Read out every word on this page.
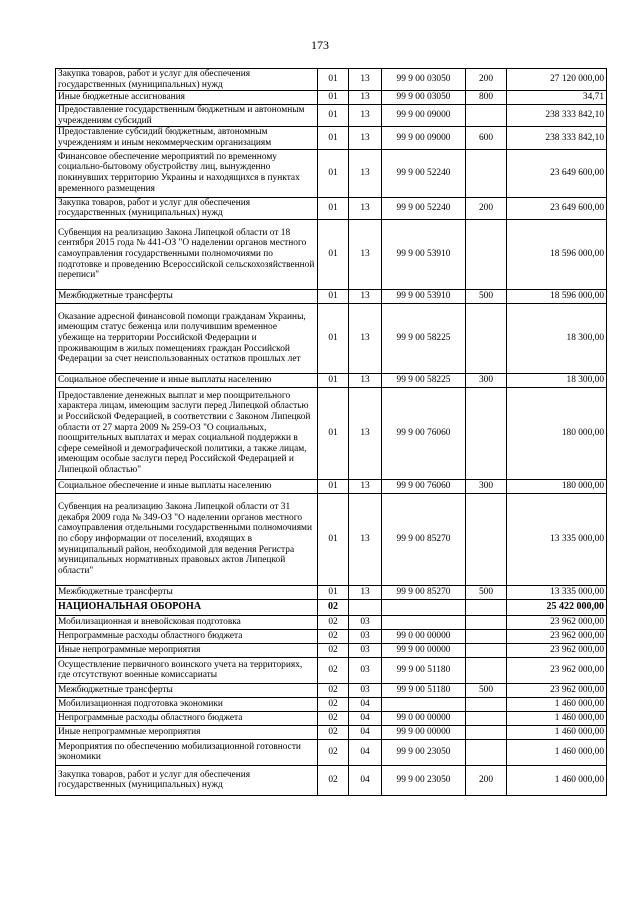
173
Закупка товаров, работ и услуг для обеспечения государственных (муниципальных) нужд	01	13	99 9 00 03050	200	27 120 000,00
Иные бюджетные ассигнования	01	13	99 9 00 03050	800	34,71
Предоставление государственным бюджетным и автономным учреждениям субсидий	01	13	99 9 00 09000		238 333 842,10
Предоставление субсидий бюджетным, автономным учреждениям и иным некоммерческим организациям	01	13	99 9 00 09000	600	238 333 842,10
Финансовое обеспечение мероприятий по временному социально-бытовому обустройству лиц, вынужденно покинувших территорию Украины и находящихся в пунктах временного размещения	01	13	99 9 00 52240		23 649 600,00
Закупка товаров, работ и услуг для обеспечения государственных (муниципальных) нужд	01	13	99 9 00 52240	200	23 649 600,00
Субвенция на реализацию Закона Липецкой области от 18 сентября 2015 года № 441-ОЗ "О наделении органов местного самоуправления государственными полномочиями по подготовке и проведению Всероссийской сельскохозяйственной переписи"	01	13	99 9 00 53910		18 596 000,00
Межбюджетные трансферты	01	13	99 9 00 53910	500	18 596 000,00
Оказание адресной финансовой помощи гражданам Украины, имеющим статус беженца или получившим временное убежище на территории Российской Федерации и проживающим в жилых помещениях граждан Российской Федерации за счет неиспользованных остатков прошлых лет	01	13	99 9 00 58225		18 300,00
Социальное обеспечение и иные выплаты населению	01	13	99 9 00 58225	300	18 300,00
Предоставление денежных выплат и мер поощрительного характера лицам, имеющим заслуги перед Липецкой областью и Российской Федерацией, в соответствии с Законом Липецкой области от 27 марта 2009 № 259-ОЗ "О социальных, поощрительных выплатах и мерах социальной поддержки в сфере семейной и демографической политики, а также лицам, имеющим особые заслуги перед Российской Федерацией и Липецкой областью"	01	13	99 9 00 76060		180 000,00
Социальное обеспечение и иные выплаты населению	01	13	99 9 00 76060	300	180 000,00
Субвенция на реализацию Закона Липецкой области от 31 декабря 2009 года № 349-ОЗ "О наделении органов местного самоуправления отдельными государственными полномочиями по сбору информации от поселений, входящих в муниципальный район, необходимой для ведения Регистра муниципальных нормативных правовых актов Липецкой области"	01	13	99 9 00 85270		13 335 000,00
Межбюджетные трансферты	01	13	99 9 00 85270	500	13 335 000,00
НАЦИОНАЛЬНАЯ ОБОРОНА	02				25 422 000,00
Мобилизационная и вневойсковая подготовка	02	03			23 962 000,00
Непрограммные расходы областного бюджета	02	03	99 0 00 00000		23 962 000,00
Иные непрограммные мероприятия	02	03	99 9 00 00000		23 962 000,00
Осуществление первичного воинского учета на территориях, где отсутствуют военные комиссариаты	02	03	99 9 00 51180		23 962 000,00
Межбюджетные трансферты	02	03	99 9 00 51180	500	23 962 000,00
Мобилизационная подготовка экономики	02	04			1 460 000,00
Непрограммные расходы областного бюджета	02	04	99 0 00 00000		1 460 000,00
Иные непрограммные мероприятия	02	04	99 9 00 00000		1 460 000,00
Мероприятия по обеспечению мобилизационной готовности экономики	02	04	99 9 00 23050		1 460 000,00
Закупка товаров, работ и услуг для обеспечения государственных (муниципальных) нужд	02	04	99 9 00 23050	200	1 460 000,00
